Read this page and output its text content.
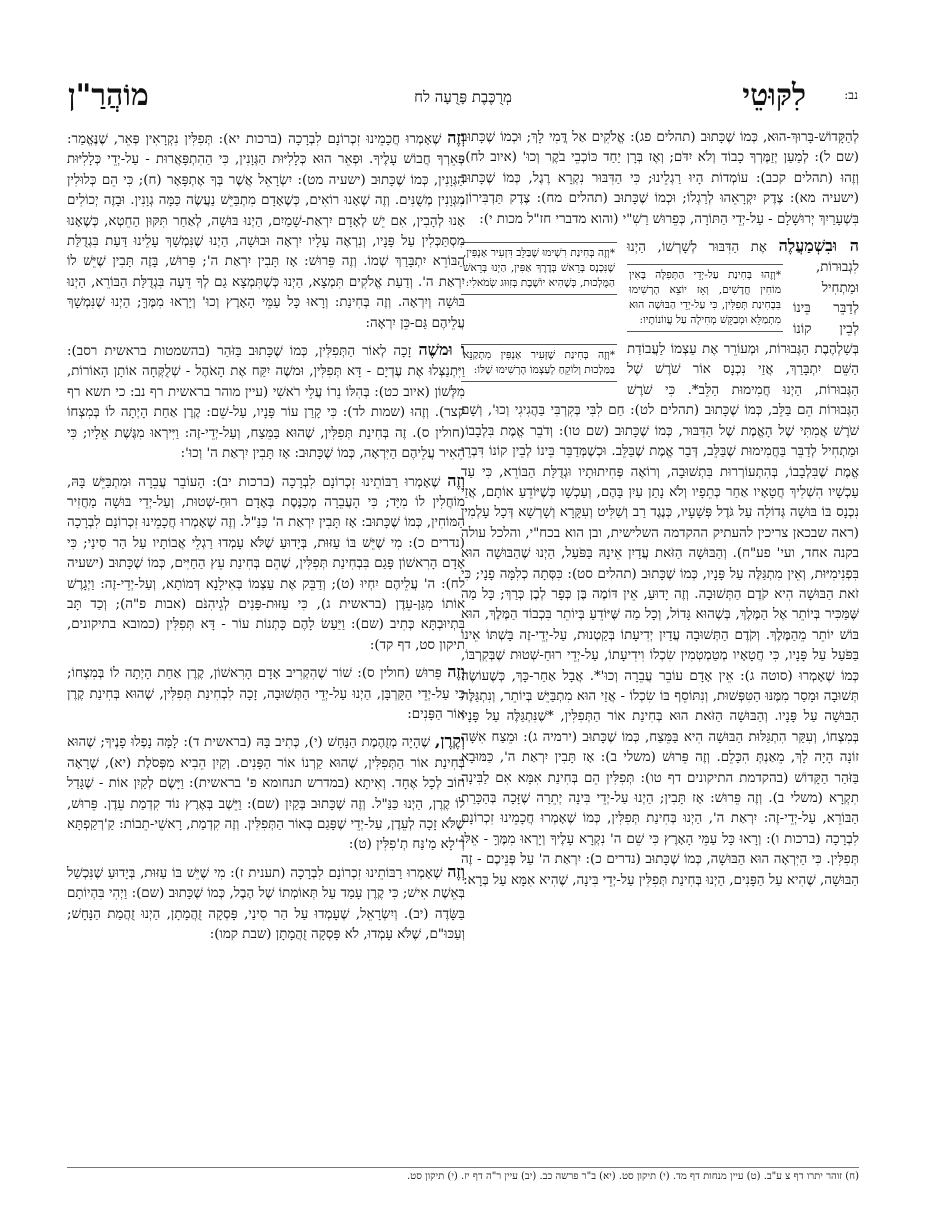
נב:
לִקּוּטֵי
מְרֻכֶּבֶת פָּרֻעָה לח
מוֹהֲרַ"ן

לְהַקָּדוֹשׁ-בָּרוּךְ-הוּא, כְּמוֹ שֶׁכָּתוּב (תהלים פג): אֱלֹקִים אַל דֳּמִי לָךְ; וּכְמוֹ שֶׁכָּתוּב (שם ל): לְמַעַן יְזַמֶּרְךָ כָבוֹד וְלֹא יִדֹּם; וְאֶז בְּרָן יַחַד כּוֹכְבֵי בֹקֶר וְכוּ' (איוב לח). וְזֶהוּ (תהלים קכב): עוֹמְדוֹת הָיוּ רַגְלֵינוּ; כִּי הַדִּבּוּר נִקְרָא רֶגֶל, כְּמוֹ שֶׁכָּתוּב (ישעיה מא): צֶדֶק יִקְרָאֵהוּ לְרַגְלוֹ; וּכְמוֹ שֶׁכָּתוּב (תהלים מח): צֶדֶק תַּדְבִּירוֹן, בִּשְׁעָרַיִךְ יְרוּשָׁלָם - עַל-יְדֵי הַתּוֹרָה, כְּפֵרוּשׁ רַשִׁ"י (והוא מדברי חז"ל מכות י):

ה וּבִשְׁמַעֲלֶה
*וְזֶה בְּחִינַת רִשְׁימוּ שֶׁבַּלֵּב דִּזְעִיר אַנְפִּין, שֶׁנִּכְנָס בְּרֵאשׁ בְּדֶרֶךְ אַפִּין, הַיְנוּ בְּרֵאשׁ הַמֻּלְכוּת, כְּשֶׁהִיא יוֹשֶׁבֶת בְּזִוּוּג שְׂמֹאלִי:
*וְזֶה בְּחִינַת שֶׁזְּעִיר אַנְפִּין מִתְקַנֵּא בַּמַּלְכוּת וְלוֹקֵחַ לְעַצְמוֹ הָרְשִׁימוּ שֶׁלּוֹ:
*וְזֶהוּ בְּחִינַת עַל-יְדֵי הַתְּפִלָּה בָּאִין מוֹחִין חֲדָשִׁים, וְאָז יוֹצֵא הָרְשִׁימוּ בִּבְחִינַת תְּפִלִּין, כִּי עַל-יְדֵי הַבּוּשָׁה הוּא מִתְמַלֵּא וּמְבַקֵּשׁ מְחִילָה עַל עֲווֹנוֹתָיו:
אֶת הַדִּבּוּר לְשָׁרְשׁוֹ, הַיְנוּ לִגְבוּרוֹת, וּמַתְחִיל לְדַבֵּר בֵּינוֹ לְבֵין קוֹנוֹ בְּשַׁלְהֶבֶת הַגְּבוּרוֹת, וּמְעוֹרֵר אֶת עַצְמוֹ לַעֲבוֹדַת הַשֵּׁם יִתְבָּרַךְ, אֲזַי נִכְנָס אוֹר שֹׁרֶשׁ שֶׁל הַגְּבוּרוֹת, הַיְנוּ חֲמִימוּת הַלֵּב*. כִּי שֹׁרֶשׁ הַגְּבוּרוֹת הֵם בַּלֵּב, כְּמוֹ שֶׁכָּתוּב (תהלים לט): חַם לִבִּי בְּקִרְבִּי בַּהֲגִיגִי וְכוּ', וְשָׁם שֹׁרֶשׁ אֲמִתִּי שֶׁל הָאֱמֶת שֶׁל הַדִּבּוּר, כְּמוֹ שֶׁכָּתוּב (שם טו): וְדֹבֵר אֱמֶת בִּלְבָבוֹ, וּמַתְחִיל לְדַבֵּר בַּחֲמִימוּת שֶׁבַּלֵּב, דְּבַר אֱמֶת שֶׁבַּלֵּב. וּכְשֶׁמְּדַבֵּר בֵּינוֹ לְבֵין קוֹנוֹ דִּבְרֵי אֱמֶת שֶׁבִּלְבָבוֹ, בְּהִתְעוֹרְרוּת בִּתְשׁוּבָה, וְרוֹאֶה פְּחִיתוּתָיו וּגְדֻלַּת הַבּוֹרֵא, כִּי עַד עַכְשָׁיו הִשְׁלִיךְ חֲטָאָיו אַחַר כְּתֵפָיו וְלֹא נָתַן עַיִן בָּהֶם, וְעַכְשָׁו כְּשֶׁיּוֹדֵעַ אוֹתָם, אֲזַי נִכְנָס בּוֹ בּוּשָׁה גְּדוֹלָה עַל גֹּדֶל פְּשָׁעָיו, כְּנֶגֶד רַב וְשַׁלִּיט וְעִקָּרָא וְשָׁרְשָׁא דְּכָל עָלְמִין (ראה שבכאן צריכין להעתיק ההקדמה השלישית, ובן הוא בכח"י, והלכל עולה בקנה אחד, ועי' פע"ח). וְהַבּוּשָׁה הַזֹּאת עֲדַיִן אֵינָהּ בַּפֹּעַל, הַיְנוּ שֶׁהַבּוּשָׁה הוּא בִּפְנִימִיּוּת, וְאֵין מִתְגַּלֶּה עַל פָּנָיו, כְּמוֹ שֶׁכָּתוּב (תהלים סט): כִּסְּתָה כְלִמָּה פָנָי; כִּי זֹאת הַבּוּשָׁה הִיא קֹדֶם הַתְּשׁוּבָה. וְזֶה יָדוּעַ, אֵין דּוֹמֶה בֶּן כְּפָר לְבֶן כְּרַךְ; כָּל מַה שֶּׁמַּכִּיר בְּיוֹתֵר אֶל הַמֶּלֶךְ, בְּשֶׁהוּא גָּדוֹל, וְכָל מַה שֶּׁיּוֹדֵעַ בְּיוֹתֵר בִּכְבוֹד הַמֶּלֶךְ, הוּא בּוֹשׁ יוֹתֵר מֵהַמֶּלֶךְ. וְקֹדֶם הַתְּשׁוּבָה עֲדַיִן יְדִיעָתוֹ בְּקַטְנוּת, עַל-יְדֵי-זֶה בָּשְׁתּוֹ אֵינוֹ בַּפֹּעַל עַל פָּנָיו, כִּי חֲטָאָיו מְטַמְטְמִין שִׂכְלוֹ וִידִיעָתוֹ, עַל-יְדֵי רוּחַ-שְׁטוּת שֶׁבְּקִרְבּוֹ, כְּמוֹ שֶׁאָמְרוּ (סוטה ג): אֵין אָדָם עוֹבֵר עֲבֵרָה וְכוּ'*. אֲבָל אַחַר-כָּךְ, כְּשֶׁעוֹשֶׂה תְּשׁוּבָה וּמָסַר מִמֶּנּוּ הַטִּפְּשׁוּת, וְנִתּוֹסֵף בּוֹ שִׂכְלוֹ - אֲזַי הוּא מִתְבַּיֵּשׁ בְּיוֹתֵר, וְנִתְגַּלֶּה הַבּוּשָׁה עַל פָּנָיו. וְהַבּוּשָׁה הַזֹּאת הוּא בְּחִינַת אוֹר הַתְּפִלִּין, *שֶׁנִּתְגַּלֶּה עַל פָּנָיו בְּמִצְחוֹ, וְעִקַּר הִתְגַּלּוּת הַבּוּשָׁה הִיא בַּמֵּצַח, כְּמוֹ שֶׁכָּתוּב (ירמיה ג): וּמֵצַח אִשָּׁה זוֹנָה הָיָה לָךְ, מֵאַנְתְּ הִכָּלֵם. וְזֶה פֵּרוּשׁ (משלי ב): אָז תָּבִין יִרְאַת ה', כַּמּוּבָא בַּזֹּהַר הַקָּדוֹשׁ (בהקדמת התיקונים דף טו): תְּפִלִּין הֵם בְּחִינַת אִמָּא אִם לַבִּינָה תִקְרָא (משלי ב). וְזֶה פֵּרוּשׁ: אָז תָּבִין; הַיְנוּ עַל-יְדֵי בִּינָה יְתֵרָה שֶׁזָּכָה בְּהַכָּרַת הַבּוֹרֵא, עַל-יְדֵי-זֶה: יִרְאַת ה', הַיְנוּ בְּחִינַת תְּפִלִּין, כְּמוֹ שֶׁאָמְרוּ חֲכָמֵינוּ זִכְרוֹנָם לִבְרָכָה (ברכות ו): וְרָאוּ כָּל עַמֵּי הָאָרֶץ כִּי שֵׁם ה' נִקְרָא עָלֶיךָ וְיָרְאוּ מִמֶּךָּ - אֵלּוּ תְּפִלִּין. כִּי הַיִּרְאָה הוּא הַבּוּשָׁה, כְּמוֹ שֶׁכָּתוּב (נדרים כ): יִרְאַת ה' עַל פְּנֵיכֶם - זֶה הַבּוּשָׁה, שֶׁהִיא עַל הַפָּנִים, הַיְנוּ בְּחִינַת תְּפִלִּין עַל-יְדֵי בִּינָה, שֶׁהִיא אִמָּא עַל בְּרָא:

וְזֶה שֶׁאָמְרוּ חֲכָמֵינוּ זִכְרוֹנָם לִבְרָכָה (ברכות יא): תְּפִלִּין נִקְרָאִין פְּאֵר, שֶׁנֶּאֱמַר: פְּאֵרְךָ חֲבוֹשׁ עָלֶיךָ. וּפְאֵר הוּא כְּלָלִיּוּת הַגְּוָנִין, כִּי הַהִתְפָּאֲרוּת - עַל-יְדֵי כְּלָלִיּוּת הַגְּוָנִין, כְּמוֹ שֶׁכָּתוּב (ישעיה מט): יִשְׂרָאֵל אֲשֶׁר בְּךָ אֶתְפָּאָר (ח); כִּי הֵם כְּלוּלִין מִגְּוָנִין מְשֻׁנִּים. וְזֶה שֶׁאָנוּ רוֹאִים, כְּשֶׁאָדָם מִתְבַּיֵּשׁ נַעֲשֶׂה כַּמָּה גְוָנִין. וּבָזֶה יְכוֹלִים אָנוּ לְהָבִין, אִם יֵשׁ לְאָדָם יִרְאַת-שָׁמַיִם, הַיְנוּ בּוּשָׁה, לְאַחַר תִּקּוּן הַחֵטְא, כְּשֶׁאָנוּ מִסְתַּכְּלִין עַל פָּנָיו, וְנִרְאֶה עָלָיו יִרְאָה וּבוּשָׁה, הַיְנוּ שֶׁנִּמְשָׁךְ עָלֵינוּ דַּעַת בִּגְדֻלַּת הַבּוֹרֵא יִתְבָּרַךְ שְׁמוֹ. וְזֶה פֵּרוּשׁ: אָז תָּבִין יִרְאַת ה'; פֵּרוּשׁ, בָּזֶה תָּבִין שֶׁיֵּשׁ לוֹ יִרְאַת ה'. וְדַעַת אֱלֹקִים תִּמְצָא, הַיְנוּ כְּשֶׁתִּמְצָא גַם לְךָ דֵּעָה בִּגְדֻלַּת הַבּוֹרֵא, הַיְנוּ בּוּשָׁה וְיִרְאָה. וְזֶה בְּחִינַת: וְרָאוּ כָּל עַמֵּי הָאָרֶץ וְכוּ' וְיָרְאוּ מִמֶּךָּ; הַיְנוּ שֶׁנִּמְשָׁךְ עֲלֵיהֶם גַּם-כֵּן יִרְאָה:

ו וּמשֶׁה זָכָה לְאוֹר הַתְּפִלִּין, כְּמוֹ שֶׁכָּתוּב בַּזֹּהַר (בהשמטות בראשית רסב): וַיִּתְנַצְּלוּ אֶת עֶדְיָם - דָּא תְּפִלִּין, וּמשֶׁה יִקַּח אֶת הָאֹהֶל - שְׁלֻקְּחָה אוֹתָן הָאוֹרוֹת, מִלְּשׁוֹן (איוב כט): בְּהִלּוֹ נֵרוֹ עֲלֵי רֹאשִׁי (עיין מוהר בראשית רף נב: כי תשא רף קצר). וְזֶהוּ (שמות לד): כִּי קָרַן עוֹר פָּנָיו, עַל-שֵׁם: קֶרֶן אַחַת הָיְתָה לוֹ בְּמִצְחוֹ (חולין ס). זֶה בְּחִינַת תְּפִלִּין, שֶׁהוּא בַּמֵּצַח, וְעַל-יְדֵי-זֶה: וַיִּירְאוּ מִגֶּשֶׁת אֵלָיו; כִּי הֵאִיר עֲלֵיהֶם הַיִּרְאָה, כְּמוֹ שֶׁכָּתוּב: אָז תָּבִין יִרְאַת ה' וְכוּ':

וְזֶה שֶׁאָמְרוּ רַבּוֹתֵינוּ זִכְרוֹנָם לִבְרָכָה (ברכות יב): הָעוֹבֵר עֲבֵרָה וּמִתְבַּיֵּשׁ בָּהּ, מוֹחֲלִין לוֹ מִיָּד; כִּי הָעֲבֵרָה מְכַנֶּסֶת בְּאָדָם רוּחַ-שְׁטוּת, וְעַל-יְדֵי בּוּשָׁה מַחֲזִיר הַמּוֹחִין, כְּמוֹ שֶׁכָּתוּב: אָז תָּבִין יִרְאַת ה' כַּנַּ"ל. וְזֶה שֶׁאָמְרוּ חֲכָמֵינוּ זִכְרוֹנָם לִבְרָכָה (נדרים כ): מִי שֶׁיֵּשׁ בּוֹ עַזּוּת, בְּיָדוּעַ שֶׁלֹּא עָמְדוּ רַגְלֵי אֲבוֹתָיו עַל הַר סִינַי; כִּי אָדָם הָרִאשׁוֹן פָּגַם בִּבְחִינַת תְּפִלִּין, שֶׁהֵם בְּחִינַת עֵץ הַחַיִּים, כְּמוֹ שֶׁכָּתוּב (ישעיה לח): ה' עֲלֵיהֶם יִחְיוּ (ט); וְדַבֵּק אֶת עַצְמוֹ בְּאִילָנָא דְּמוֹתָא, וְעַל-יְדֵי-זֶה: וַיְגָרֶשׁ אוֹתוֹ מִגַּן-עֵדֶן (בראשית ג), כִּי עַזּוּת-פָּנִים לְגֵיהִנֹּם (אבות פ"ה); וְכַד תָּב בִּתְיוּבְתָּא כְּתִיב (שם): וַיַּעַשׂ לָהֶם כָּתְנוֹת עוֹר - דָּא תְּפִלִּין (כמובא בתיקונים, תיקון סט, דף קד):

וְזֶה פֵּרוּשׁ (חולין ס): שׁוֹר שֶׁהִקְרִיב אָדָם הָרִאשׁוֹן, קֶרֶן אַחַת הָיְתָה לוֹ בְּמִצְחוֹ; כִּי עַל-יְדֵי הַקָּרְבָּן, הַיְנוּ עַל-יְדֵי הַתְּשׁוּבָה, זָכָה לִבְחִינַת תְּפִלִּין, שֶׁהוּא בְּחִינַת קֶרֶן אוֹר הַפָּנִים:

וְקֶרֶן, שֶׁהָיָה מְזֻהֶמֶת הַנָּחָשׁ (י), כְּתִיב בָּהּ (בראשית ד): לָמָּה נָפְלוּ פָנֶיךָ; שֶׁהוּא בְּחִינַת אוֹר הַתְּפִלִּין, שֶׁהוּא קַרְנוֹ אוֹר הַפָּנִים. וְקַיִן הֵבִיא מִפְּסֹלֶת (יא), שֶׁרָאָה חוֹב לְכָל אֶחָד. וְאִיתָא (במדרש תנחומא פ' בראשית): וַיָּשֶׂם לְקַיִן אוֹת - שֶׁגָּדַל לוֹ קֶרֶן, הַיְנוּ כַּנַּ"ל. וְזֶה שֶׁכָּתוּב בְּקַיִן (שם): וַיֵּשֶׁב בְּאֶרֶץ נוֹד קִדְמַת עֵדֶן. פֵּרוּשׁ, שֶׁלֹּא זָכָה לְעֵדֶן, עַל-יְדֵי שֶׁפָּגַם בְּאוֹר הַתְּפִלִּין. וְזֶה קִדְמַת, רָאשֵׁי-תֵבוֹת: קַ'רְקַפְתָּא דְ'לָא מַ'נַּח תְ'פִלִּין (ט):

וְזֶה שֶׁאָמְרוּ רַבּוֹתֵינוּ זִכְרוֹנָם לִבְרָכָה (תענית ז): מִי שֶׁיֵּשׁ בּוֹ עַזּוּת, בְּיָדוּעַ שֶׁנִּכְשַׁל בְּאֵשֶׁת אִישׁ; כִּי קֶרֶן עָמַד עַל תְּאוֹמְתוֹ שֶׁל הֶבֶל, כְּמוֹ שֶׁכָּתוּב (שם): וַיְהִי בִּהְיוֹתָם בַּשָּׂדֶה (יב). וְיִשְׂרָאֵל, שֶׁעָמְדוּ עַל הַר סִינַי, פָּסְקָה זֻהֲמָתָן, הַיְנוּ זֻהֲמַת הַנָּחָשׁ; וְעַכּוּ"ם, שֶׁלֹּא עָמְדוּ, לֹא פָּסְקָה זֻהֲמָתָן (שבת קמו):

(ח) זוהר יתרו דף צ ע"ב. (ט) עיין מנחות דף מד. (י) תיקון סט. (יא) ב"ר פרשה כב. (יב) עיין ר"ה דף יז. (י) תיקון סט.
